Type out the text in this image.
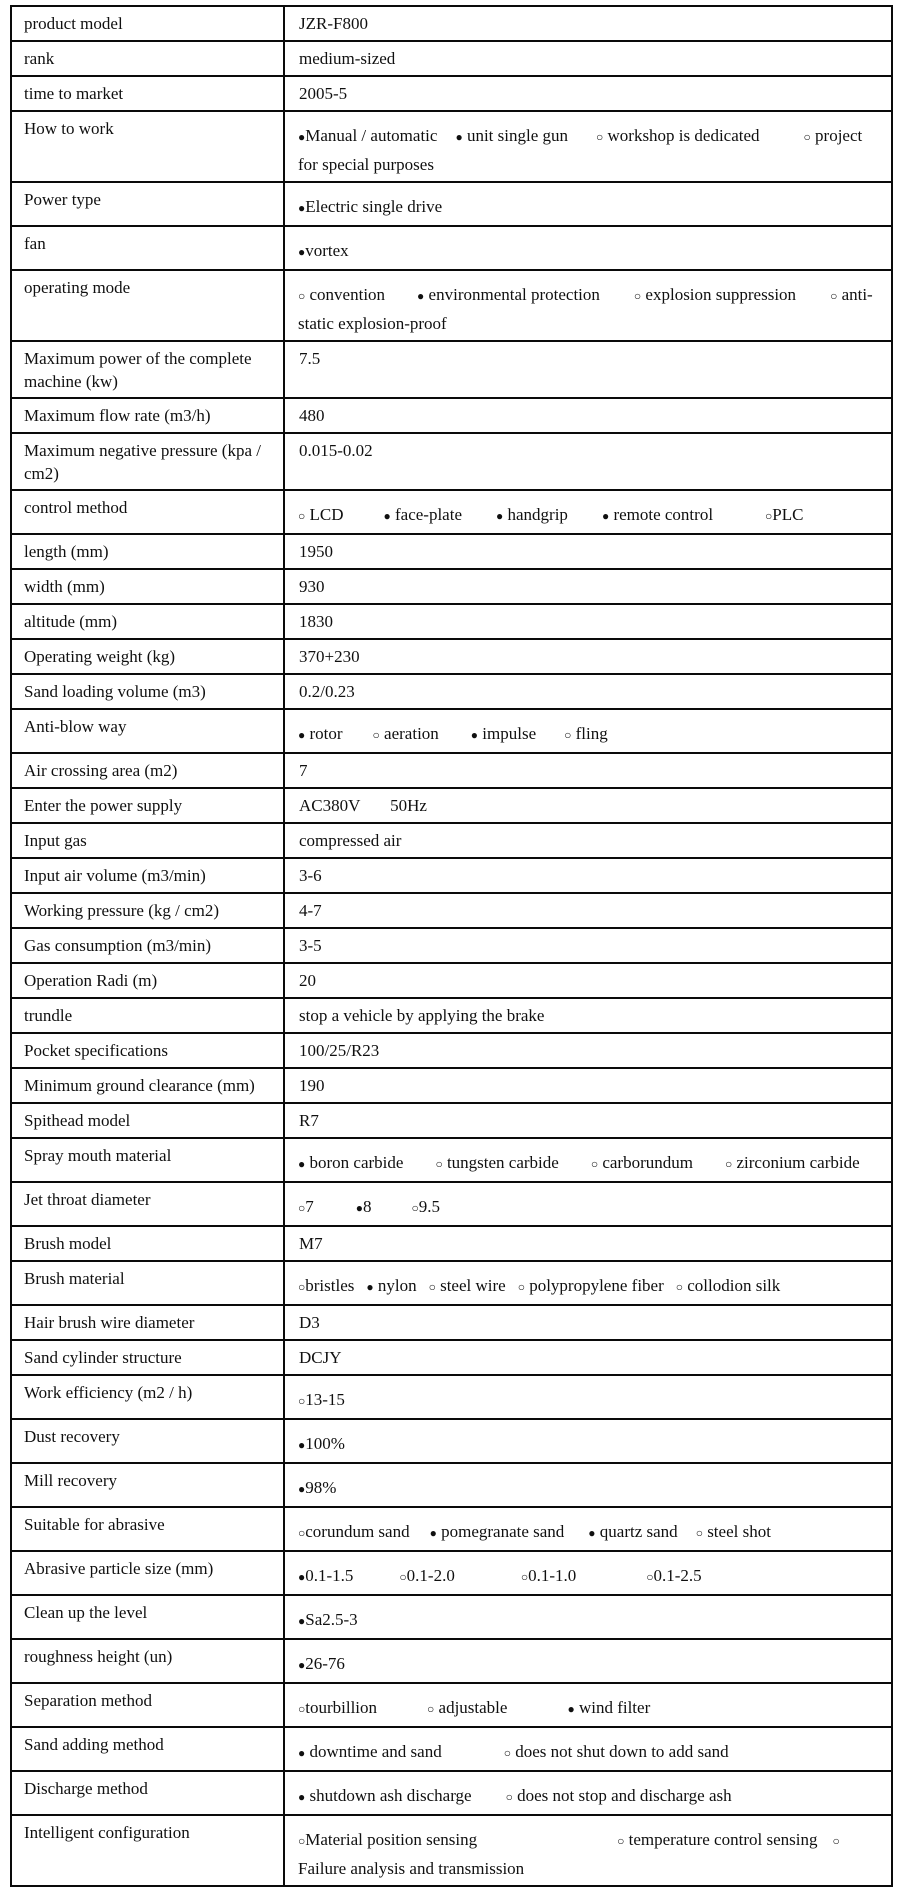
product model	JZR-F800
rank	medium-sized
time to market	2005-5
How to work	●Manual / automatic ● unit single gun ○ workshop is dedicated ○ project for special purposes
Power type	●Electric single drive
fan	●vortex
operating mode	○ convention ● environmental protection ○ explosion suppression ○ anti-static explosion-proof
Maximum power of the complete machine (kw)	7.5
Maximum flow rate (m3/h)	480
Maximum negative pressure (kpa / cm2)	0.015-0.02
control method	○ LCD ● face-plate ● handgrip ● remote control ○PLC
length (mm)	1950
width (mm)	930
altitude (mm)	1830
Operating weight (kg)	370+230
Sand loading volume (m3)	0.2/0.23
Anti-blow way	● rotor ○ aeration ● impulse ○ fling
Air crossing area (m2)	7
Enter the power supply	AC380V       50Hz
Input gas	compressed air
Input air volume (m3/min)	3-6
Working pressure (kg / cm2)	4-7
Gas consumption (m3/min)	3-5
Operation Radi (m)	20
trundle	stop a vehicle by applying the brake
Pocket specifications	100/25/R23
Minimum ground clearance (mm)	190
Spithead model	R7
Spray mouth material	● boron carbide ○ tungsten carbide ○ carborundum ○ zirconium carbide
Jet throat diameter	○7 ●8 ○9.5
Brush model	M7
Brush material	○bristles ● nylon ○ steel wire ○ polypropylene fiber ○ collodion silk
Hair brush wire diameter	D3
Sand cylinder structure	DCJY
Work efficiency (m2 / h)	○13-15
Dust recovery	●100%
Mill recovery	●98%
Suitable for abrasive	○corundum sand ● pomegranate sand ● quartz sand ○ steel shot
Abrasive particle size (mm)	●0.1-1.5 ○0.1-2.0 ○0.1-1.0 ○0.1-2.5
Clean up the level	●Sa2.5-3
roughness height (un)	●26-76
Separation method	○tourbillion ○ adjustable ● wind filter
Sand adding method	● downtime and sand ○ does not shut down to add sand
Discharge method	● shutdown ash discharge ○ does not stop and discharge ash
Intelligent configuration	○Material position sensing ○ temperature control sensing ○ Failure analysis and transmission
